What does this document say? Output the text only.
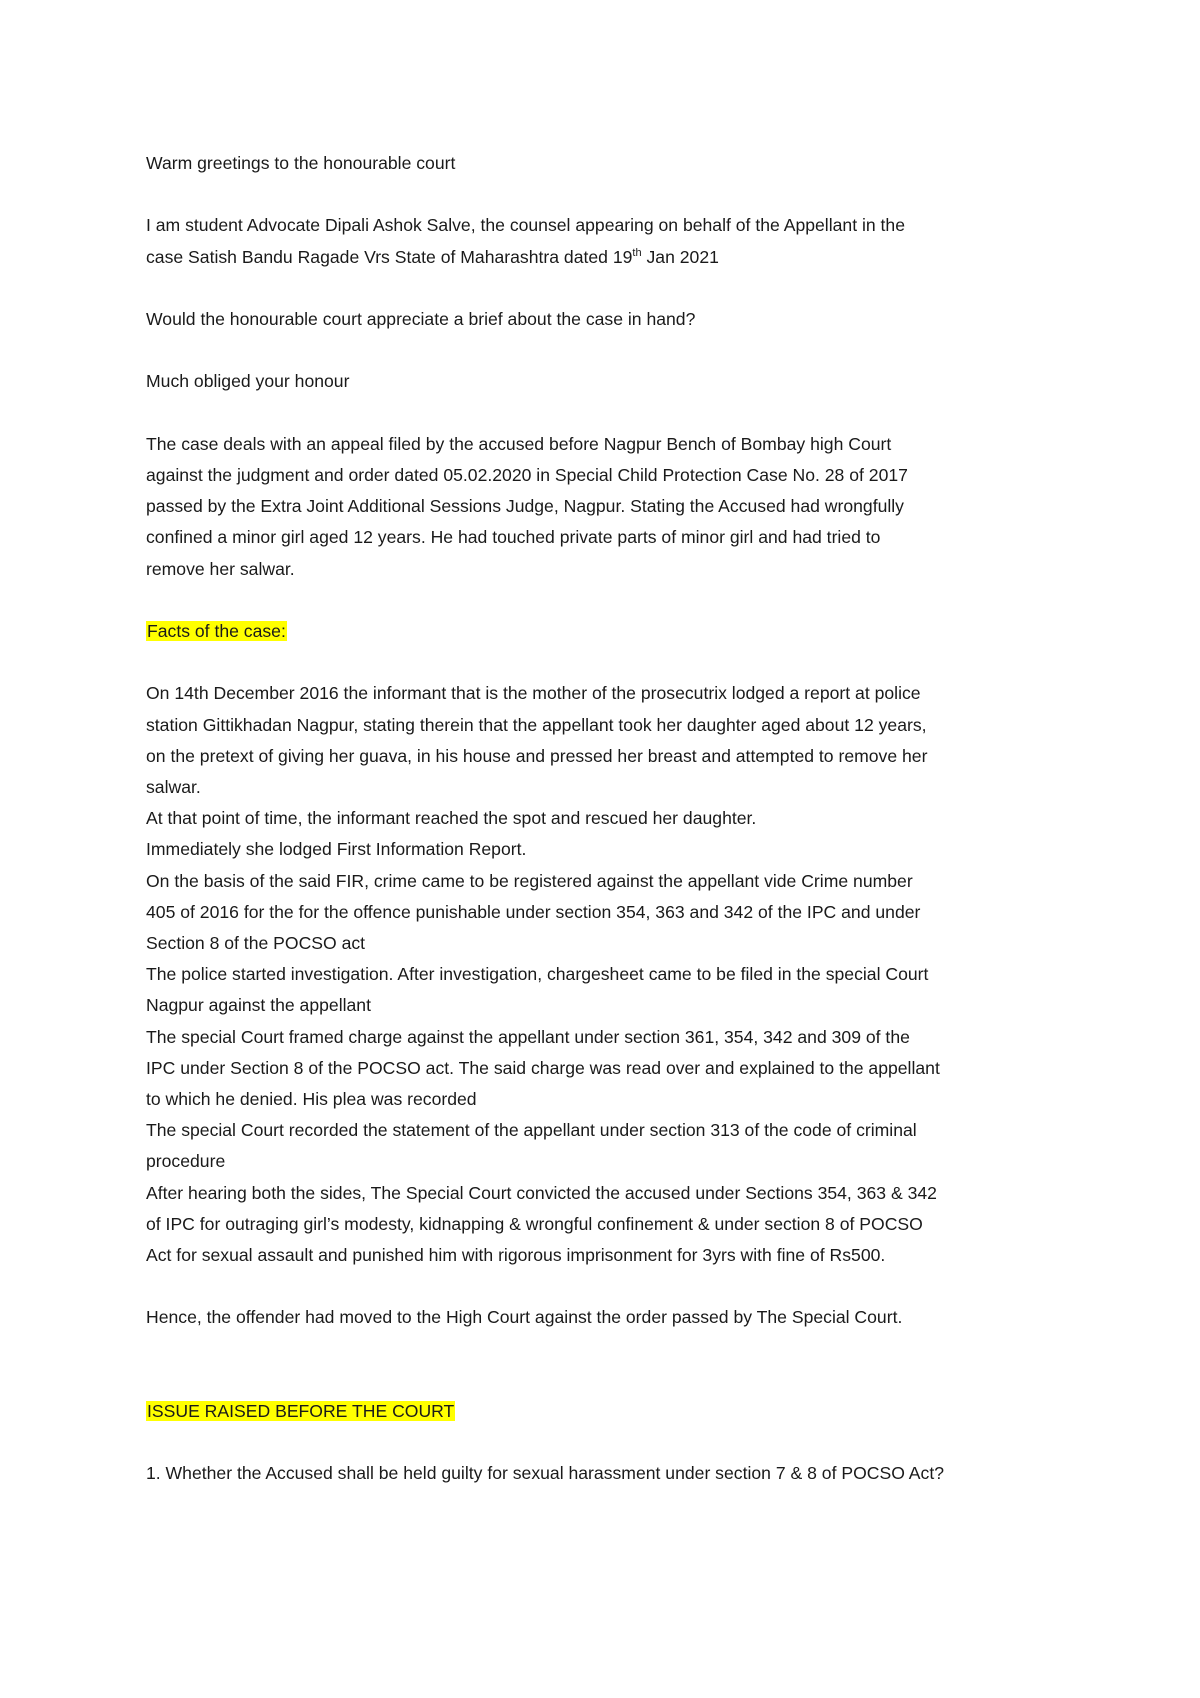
Warm greetings to the honourable court

I am student Advocate Dipali Ashok Salve, the counsel appearing on behalf of the Appellant in the
case Satish Bandu Ragade Vrs State of Maharashtra dated 19th Jan 2021

Would the honourable court appreciate a brief about the case in hand?

Much obliged your honour

The case deals with an appeal filed by the accused before Nagpur Bench of Bombay high Court
against the judgment and order dated 05.02.2020 in Special Child Protection Case No. 28 of 2017
passed by the Extra Joint Additional Sessions Judge, Nagpur. Stating the Accused had wrongfully
confined a minor girl aged 12 years. He had touched private parts of minor girl and had tried to
remove her salwar.

Facts of the case:

On 14th December 2016 the informant that is the mother of the prosecutrix lodged a report at police
station Gittikhadan Nagpur, stating therein that the appellant took her daughter aged about 12 years,
on the pretext of giving her guava, in his house and pressed her breast and attempted to remove her
salwar.
At that point of time, the informant reached the spot and rescued her daughter.
Immediately she lodged First Information Report.
On the basis of the said FIR, crime came to be registered against the appellant vide Crime number
405 of 2016 for the for the offence punishable under section 354, 363 and 342 of the IPC and under
Section 8 of the POCSO act
The police started investigation. After investigation, chargesheet came to be filed in the special Court
Nagpur against the appellant
The special Court framed charge against the appellant under section 361, 354, 342 and 309 of the
IPC under Section 8 of the POCSO act. The said charge was read over and explained to the appellant
to which he denied. His plea was recorded
The special Court recorded the statement of the appellant under section 313 of the code of criminal
procedure
After hearing both the sides, The Special Court convicted the accused under Sections 354, 363 & 342
of IPC for outraging girl’s modesty, kidnapping & wrongful confinement & under section 8 of POCSO
Act for sexual assault and punished him with rigorous imprisonment for 3yrs with fine of Rs500.

Hence, the offender had moved to the High Court against the order passed by The Special Court.

ISSUE RAISED BEFORE THE COURT

1. Whether the Accused shall be held guilty for sexual harassment under section 7 & 8 of POCSO Act?
